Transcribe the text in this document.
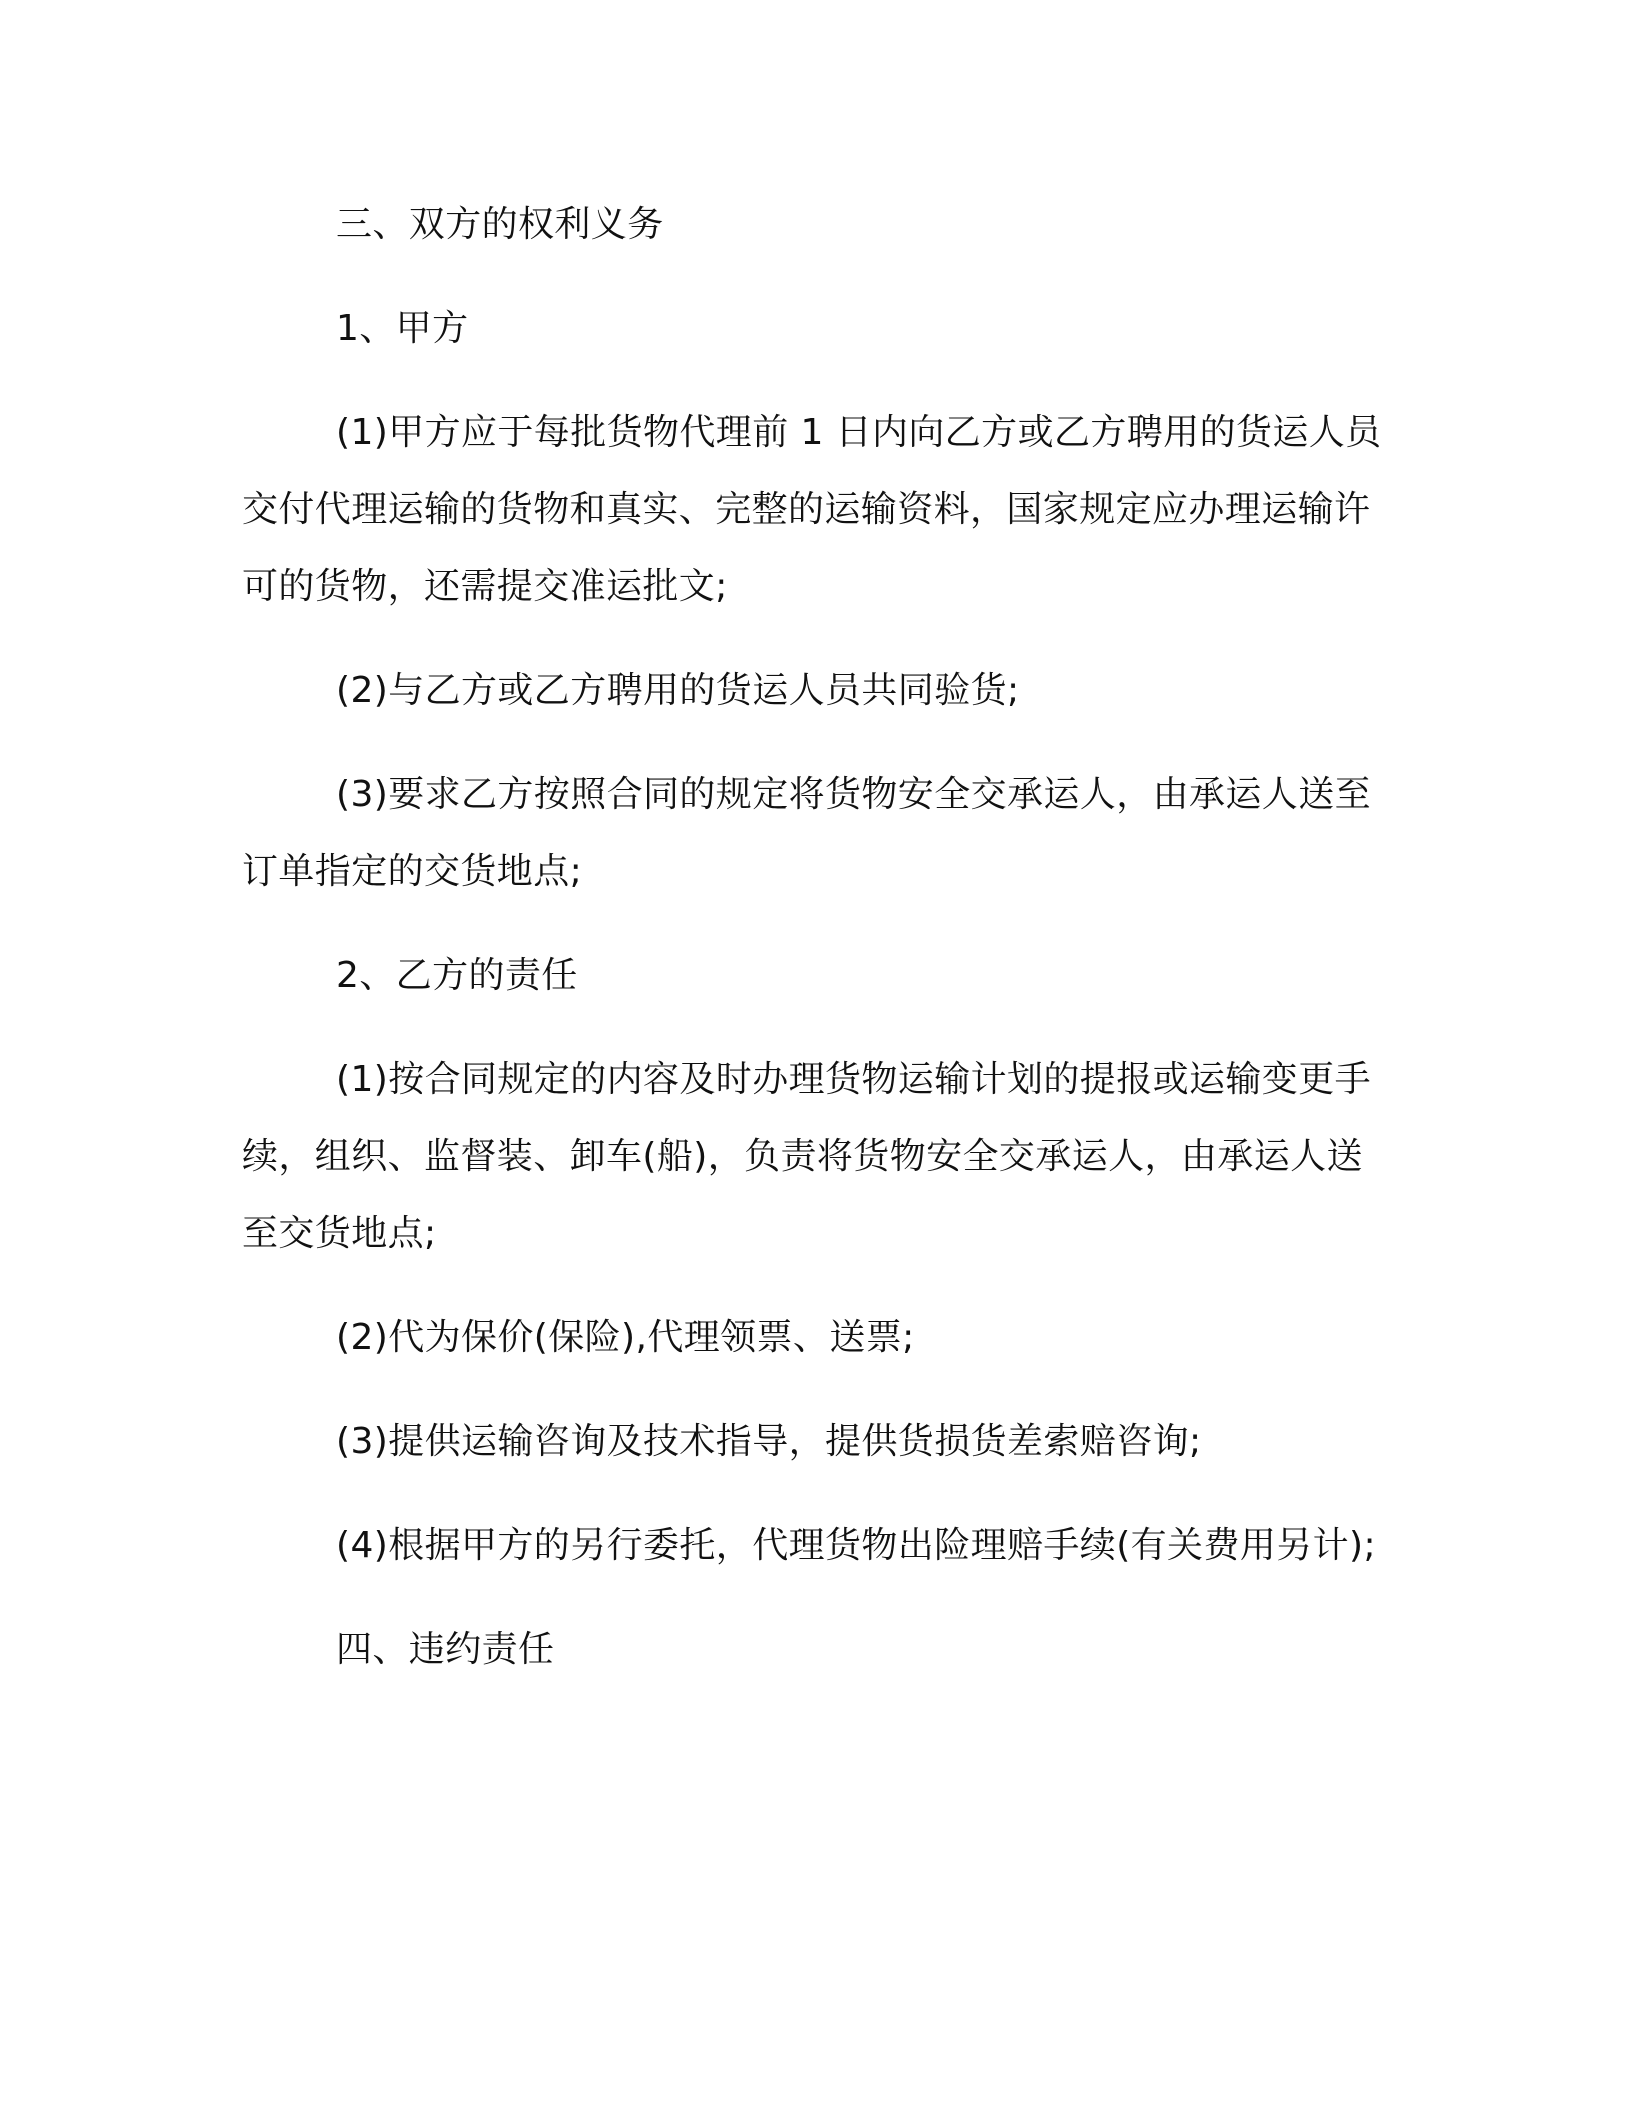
三、双方的权利义务

1、甲方

(1)甲方应于每批货物代理前 1 日内向乙方或乙方聘用的货运人员交付代理运输的货物和真实、完整的运输资料，国家规定应办理运输许可的货物，还需提交准运批文;

(2)与乙方或乙方聘用的货运人员共同验货;

(3)要求乙方按照合同的规定将货物安全交承运人，由承运人送至订单指定的交货地点;

2、乙方的责任

(1)按合同规定的内容及时办理货物运输计划的提报或运输变更手续，组织、监督装、卸车(船)，负责将货物安全交承运人，由承运人送至交货地点;

(2)代为保价(保险),代理领票、送票;

(3)提供运输咨询及技术指导，提供货损货差索赔咨询;

(4)根据甲方的另行委托，代理货物出险理赔手续(有关费用另计);

四、违约责任
